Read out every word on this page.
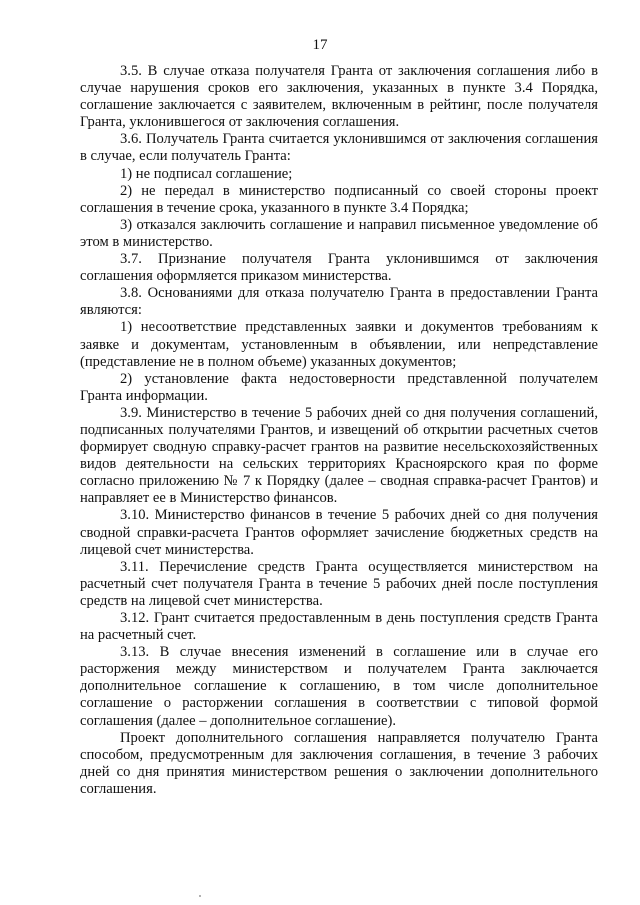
17

3.5. В случае отказа получателя Гранта от заключения соглашения либо в случае нарушения сроков его заключения, указанных в пункте 3.4 Порядка, соглашение заключается с заявителем, включенным в рейтинг, после получателя Гранта, уклонившегося от заключения соглашения.

3.6. Получатель Гранта считается уклонившимся от заключения соглашения в случае, если получатель Гранта:

1) не подписал соглашение;

2) не передал в министерство подписанный со своей стороны проект соглашения в течение срока, указанного в пункте 3.4 Порядка;

3) отказался заключить соглашение и направил письменное уведомление об этом в министерство.

3.7. Признание получателя Гранта уклонившимся от заключения соглашения оформляется приказом министерства.

3.8. Основаниями для отказа получателю Гранта в предоставлении Гранта являются:

1) несоответствие представленных заявки и документов требованиям к заявке и документам, установленным в объявлении, или непредставление (представление не в полном объеме) указанных документов;

2) установление факта недостоверности представленной получателем Гранта информации.

3.9. Министерство в течение 5 рабочих дней со дня получения соглашений, подписанных получателями Грантов, и извещений об открытии расчетных счетов формирует сводную справку-расчет грантов на развитие несельскохозяйственных видов деятельности на сельских территориях Красноярского края по форме согласно приложению № 7 к Порядку (далее – сводная справка-расчет Грантов) и направляет ее в Министерство финансов.

3.10. Министерство финансов в течение 5 рабочих дней со дня получения сводной справки-расчета Грантов оформляет зачисление бюджетных средств на лицевой счет министерства.

3.11. Перечисление средств Гранта осуществляется министерством на расчетный счет получателя Гранта в течение 5 рабочих дней после поступления средств на лицевой счет министерства.

3.12. Грант считается предоставленным в день поступления средств Гранта на расчетный счет.

3.13. В случае внесения изменений в соглашение или в случае его расторжения между министерством и получателем Гранта заключается дополнительное соглашение к соглашению, в том числе дополнительное соглашение о расторжении соглашения в соответствии с типовой формой соглашения (далее – дополнительное соглашение).

Проект дополнительного соглашения направляется получателю Гранта способом, предусмотренным для заключения соглашения, в течение 3 рабочих дней со дня принятия министерством решения о заключении дополнительного соглашения.
